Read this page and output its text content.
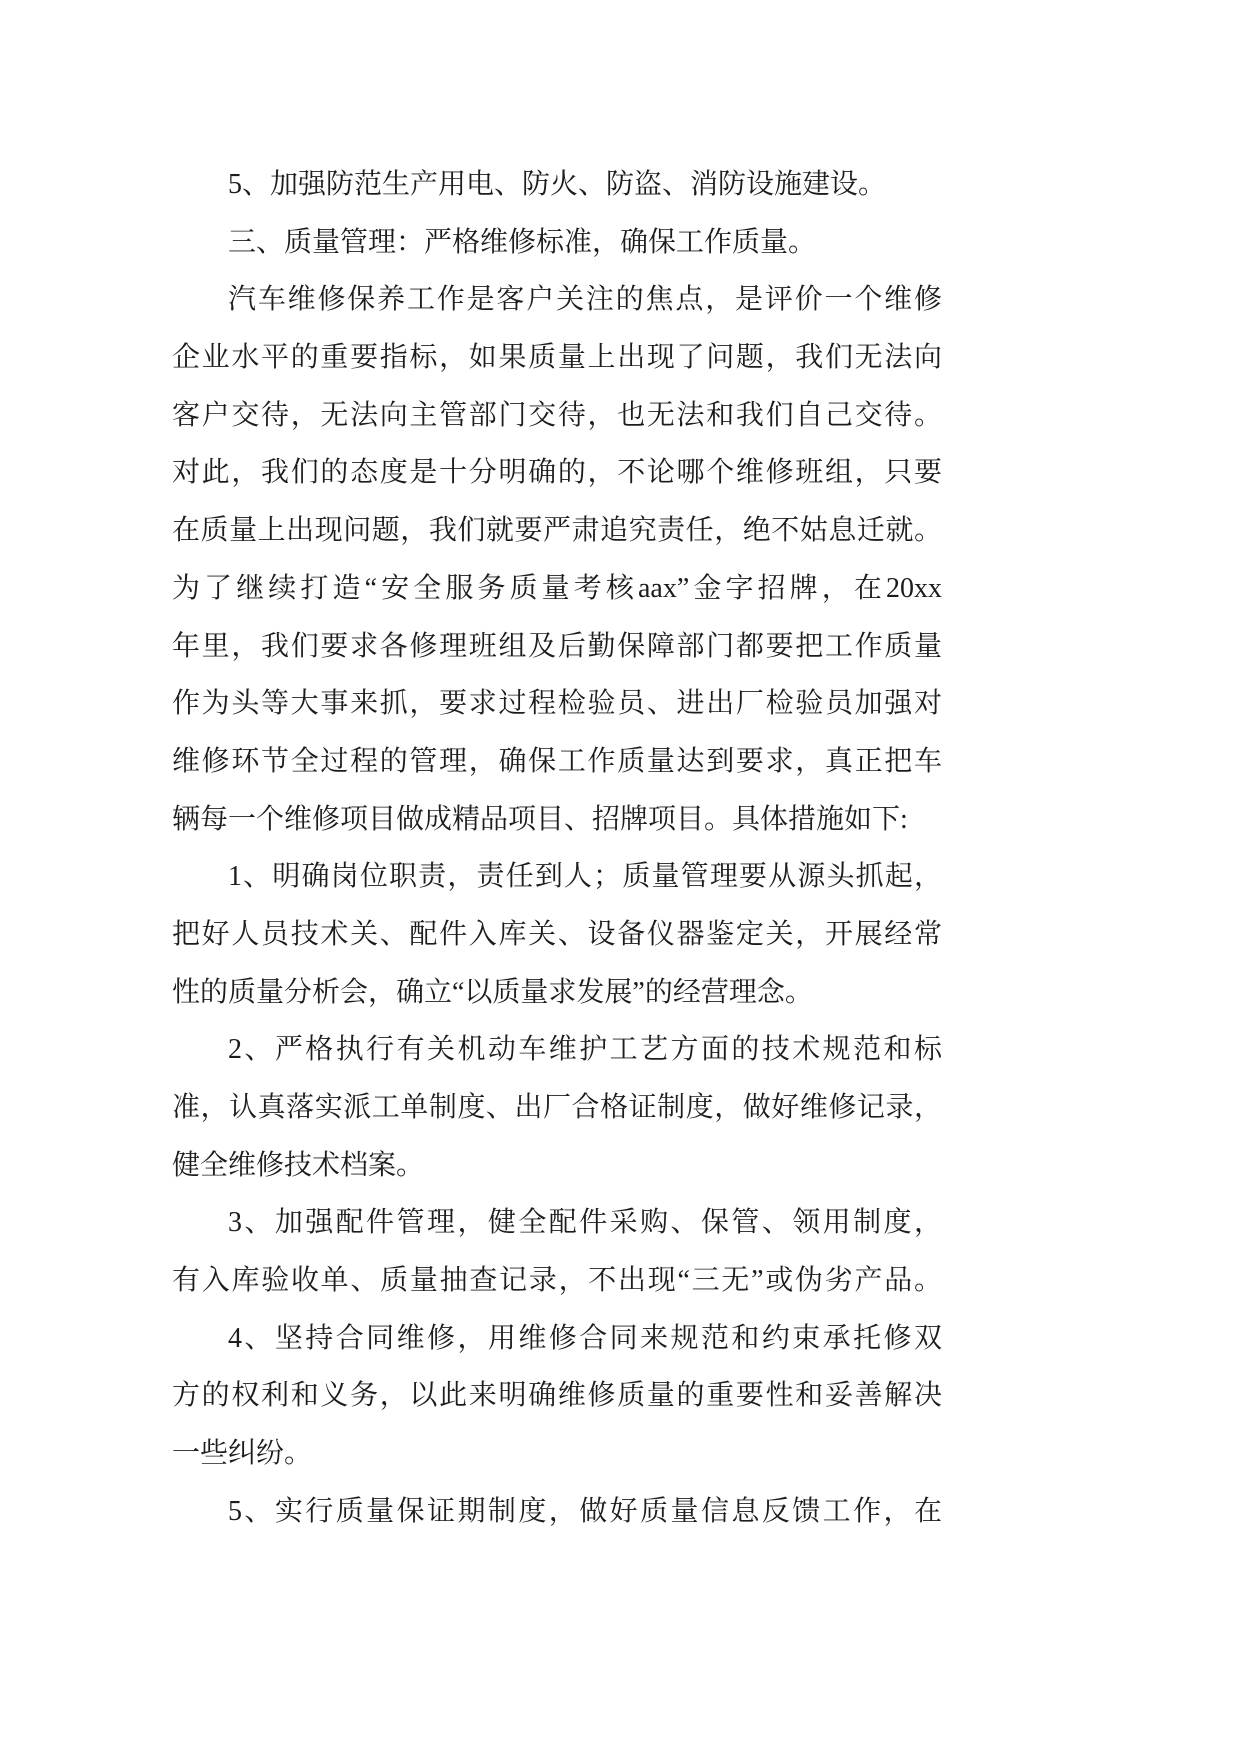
5、加强防范生产用电、防火、防盗、消防设施建设。
三、质量管理：严格维修标准，确保工作质量。
汽车维修保养工作是客户关注的焦点，是评价一个维修
企业水平的重要指标，如果质量上出现了问题，我们无法向
客户交待，无法向主管部门交待，也无法和我们自己交待。
对此，我们的态度是十分明确的，不论哪个维修班组，只要
在质量上出现问题，我们就要严肃追究责任，绝不姑息迁就。
为了继续打造“安全服务质量考核aax”金字招牌，在20xx
年里，我们要求各修理班组及后勤保障部门都要把工作质量
作为头等大事来抓，要求过程检验员、进出厂检验员加强对
维修环节全过程的管理，确保工作质量达到要求，真正把车
辆每一个维修项目做成精品项目、招牌项目。具体措施如下:
1、明确岗位职责，责任到人；质量管理要从源头抓起，
把好人员技术关、配件入库关、设备仪器鉴定关，开展经常
性的质量分析会，确立“以质量求发展”的经营理念。
2、严格执行有关机动车维护工艺方面的技术规范和标
准，认真落实派工单制度、出厂合格证制度，做好维修记录，
健全维修技术档案。
3、加强配件管理，健全配件采购、保管、领用制度，
有入库验收单、质量抽查记录，不出现“三无”或伪劣产品。
4、坚持合同维修，用维修合同来规范和约束承托修双
方的权利和义务，以此来明确维修质量的重要性和妥善解决
一些纠纷。
5、实行质量保证期制度，做好质量信息反馈工作，在
